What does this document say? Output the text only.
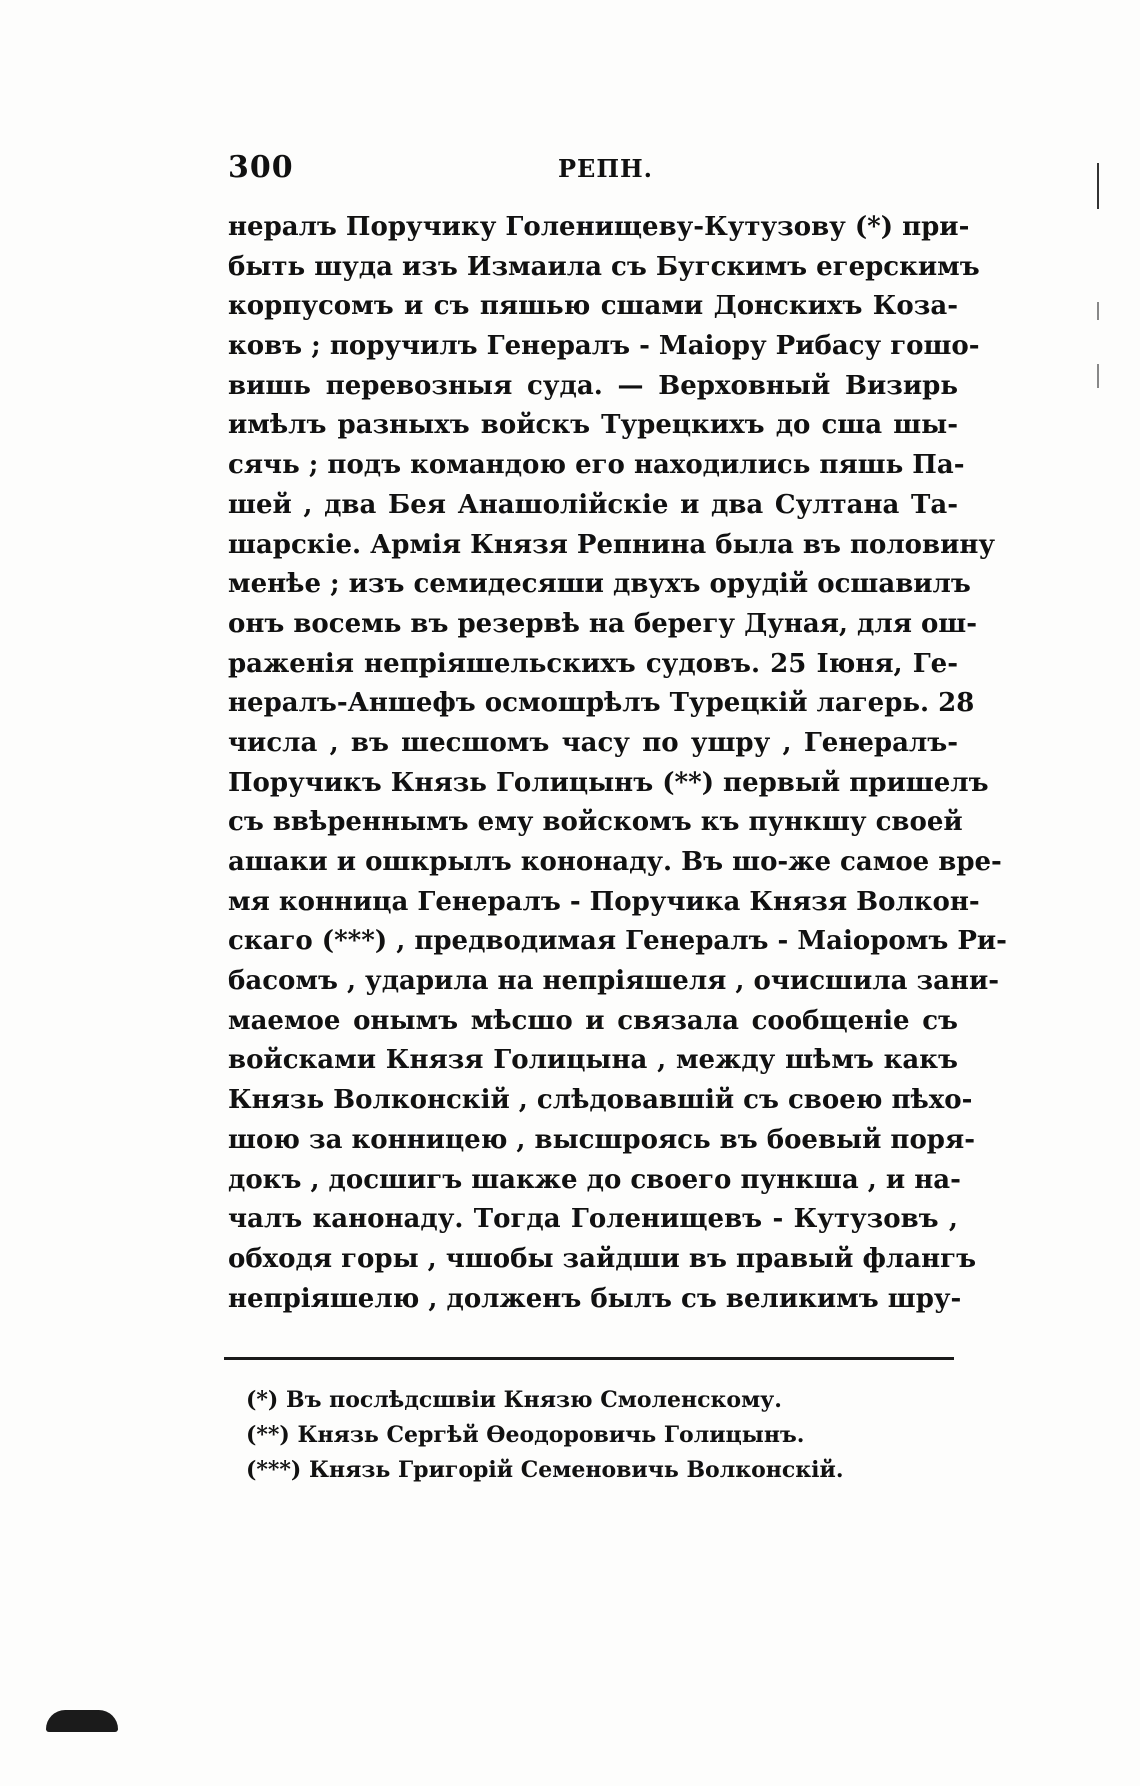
300	РЕПН.
нералъ Поручику Голенищеву-Кутузову (*) при-
быть шуда изъ Измаила съ Бугскимъ егерскимъ
корпусомъ и съ пяшью сшами Донскихъ Коза-
ковъ ; поручилъ Генералъ - Маіору Рибасу гошо-
вишь перевозныя суда. — Верховный Визирь
имѣлъ разныхъ войскъ Турецкихъ до сша шы-
сячь ; подъ командою его находились пяшь Па-
шей , два Бея Анашолійскіе и два Султана Та-
шарскіе. Армія Князя Репнина была въ половину
менѣе ; изъ семидесяши двухъ орудій осшавилъ
онъ восемь въ резервѣ на берегу Дуная, для ош-
раженія непріяшельскихъ судовъ. 25 Іюня, Ге-
нералъ-Аншефъ осмошрѣлъ Турецкій лагерь. 28
числа , въ шесшомъ часу по ушру , Генералъ-
Поручикъ Князь Голицынъ (**) первый пришелъ
съ ввѣреннымъ ему войскомъ къ пункшу своей
ашаки и ошкрылъ кононаду. Въ шо-же самое вре-
мя конница Генералъ - Поручика Князя Волкон-
скаго (***) , предводимая Генералъ - Маіоромъ Ри-
басомъ , ударила на непріяшеля , очисшила зани-
маемое онымъ мѣсшо и связала сообщеніе съ
войсками Князя Голицына , между шѣмъ какъ
Князь Волконскій , слѣдовавшій съ своею пѣхо-
шою за конницею , высшроясь въ боевый поря-
докъ , досшигъ шакже до своего пункша , и на-
чалъ канонаду. Тогда Голенищевъ - Кутузовъ ,
обходя горы , чшобы зайдши въ правый флангъ
непріяшелю , долженъ былъ съ великимъ шру-
(*) Въ послѣдсшвіи Князю Смоленскому.
(**) Князь Сергѣй Ѳеодоровичь Голицынъ.
(***) Князь Григорій Семеновичь Волконскій.
